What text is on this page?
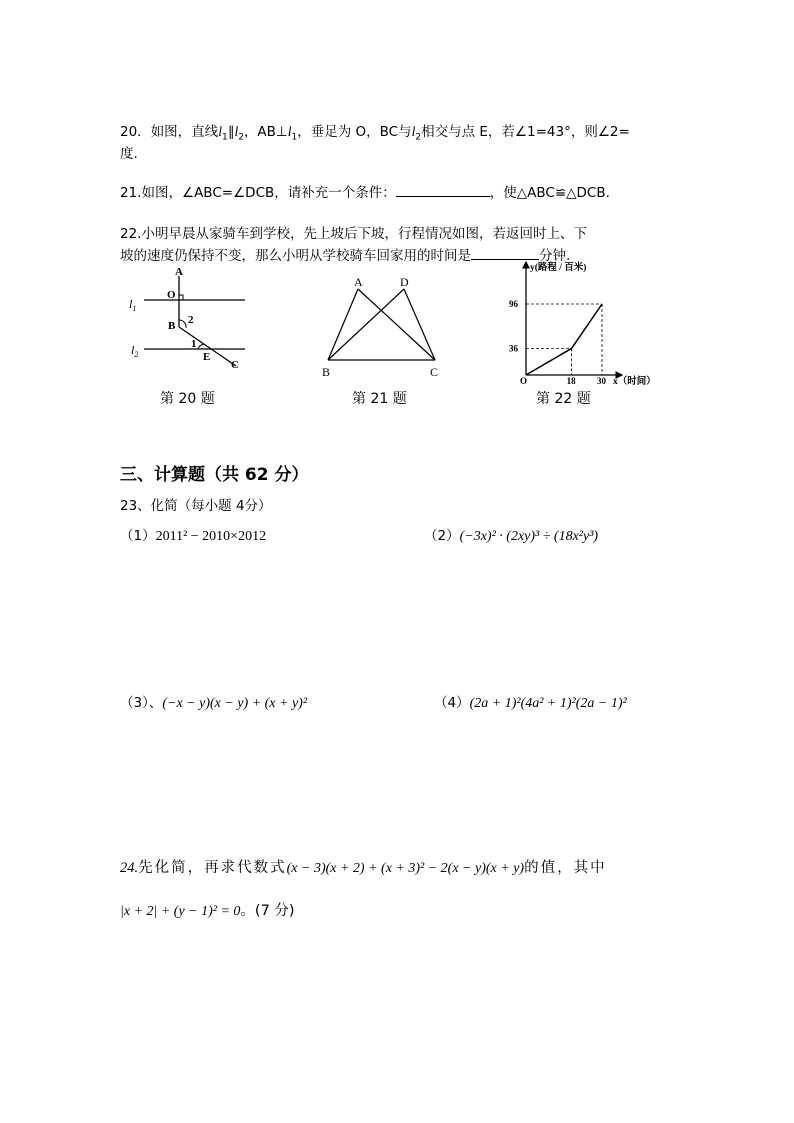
20．如图，直线$l_1\parallel l_2$，$AB\perp l_1$，垂足为 O，BC与$l_2$相交与点 E，若∠1=43°，则∠2=
度.
21.如图，∠ABC=∠DCB，请补充一个条件：	，使△ABC≌△DCB.
22.小明早晨从家骑车到学校，先上坡后下坡，行程情况如图，若返回时上、下
坡的速度仍保持不变，那么小明从学校骑车回家用的时间是	分钟.
A
O
$l_1$
B 2
$l_2$
1
E
C
第 20 题
A	D
B	C
第 21 题
18 30
36
96
y(路程 / 百米)
x（时间）
O
第 22 题
三、计算题（共 62 分）
23、化简（每小题 4分）
（1）2011² − 2010×2012	（2）(−3x)² · (2xy)³ ÷ (18x²y³)
（3）、(−x − y)(x − y) + (x + y)²	（4）(2a + 1)²(4a² + 1)²(2a − 1)²
24.先化简，再求代数式(x − 3)(x + 2) + (x + 3)² − 2(x − y)(x + y)的值，其中
|x + 2| + (y − 1)² = 0。(7 分)
